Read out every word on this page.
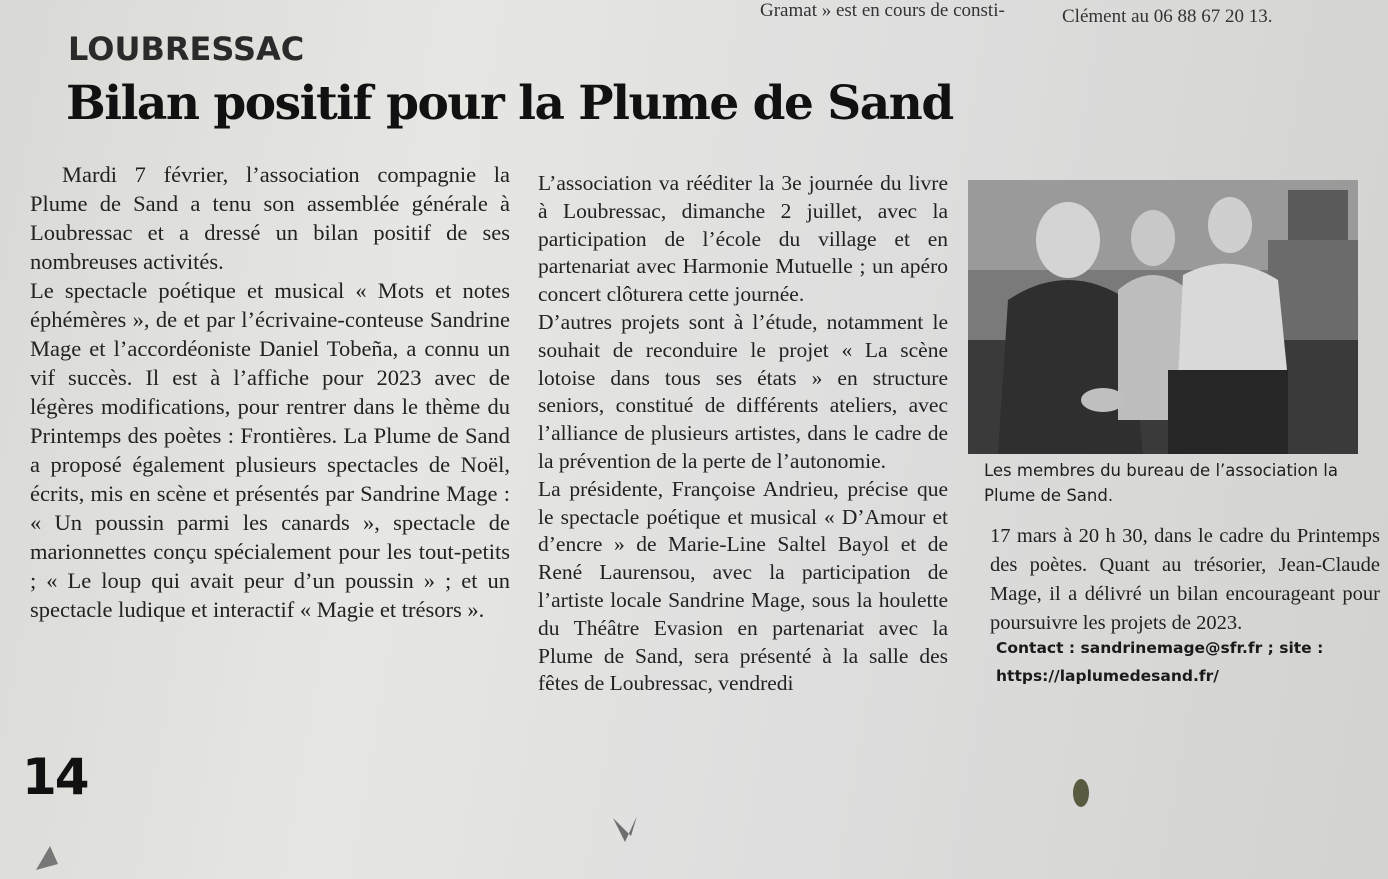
Gramat » est en cours de consti-	Clément au 06 88 67 20 13.
LOUBRESSAC
Bilan positif pour la Plume de Sand

Mardi 7 février, l’association compagnie la Plume de Sand a tenu son assemblée générale à Loubressac et a dressé un bilan positif de ses nombreuses activités.

Le spectacle poétique et musical « Mots et notes éphémères », de et par l’écrivaine-conteuse Sandrine Mage et l’accordéoniste Daniel Tobeña, a connu un vif succès. Il est à l’affiche pour 2023 avec de légères modifications, pour rentrer dans le thème du Printemps des poètes : Frontières. La Plume de Sand a proposé également plusieurs spectacles de Noël, écrits, mis en scène et présentés par Sandrine Mage : « Un poussin parmi les canards », spectacle de marionnettes conçu spécialement pour les tout-petits ; « Le loup qui avait peur d’un poussin » ; et un spectacle ludique et interactif « Magie et trésors ».

L’association va rééditer la 3e journée du livre à Loubressac, dimanche 2 juillet, avec la participation de l’école du village et en partenariat avec Harmonie Mutuelle ; un apéro concert clôturera cette journée.

D’autres projets sont à l’étude, notamment le souhait de reconduire le projet « La scène lotoise dans tous ses états » en structure seniors, constitué de différents ateliers, avec l’alliance de plusieurs artistes, dans le cadre de la prévention de la perte de l’autonomie.

La présidente, Françoise Andrieu, précise que le spectacle poétique et musical « D’Amour et d’encre » de Marie-Line Saltel Bayol et de René Laurensou, avec la participation de l’artiste locale Sandrine Mage, sous la houlette du Théâtre Evasion en partenariat avec la Plume de Sand, sera présenté à la salle des fêtes de Loubressac, vendredi

Les membres du bureau de l’association la Plume de Sand.
17 mars à 20 h 30, dans le cadre du Printemps des poètes. Quant au trésorier, Jean-Claude Mage, il a délivré un bilan encourageant pour poursuivre les projets de 2023.
Contact : sandrinemage@sfr.fr ; site : https://laplumedesand.fr/
14
